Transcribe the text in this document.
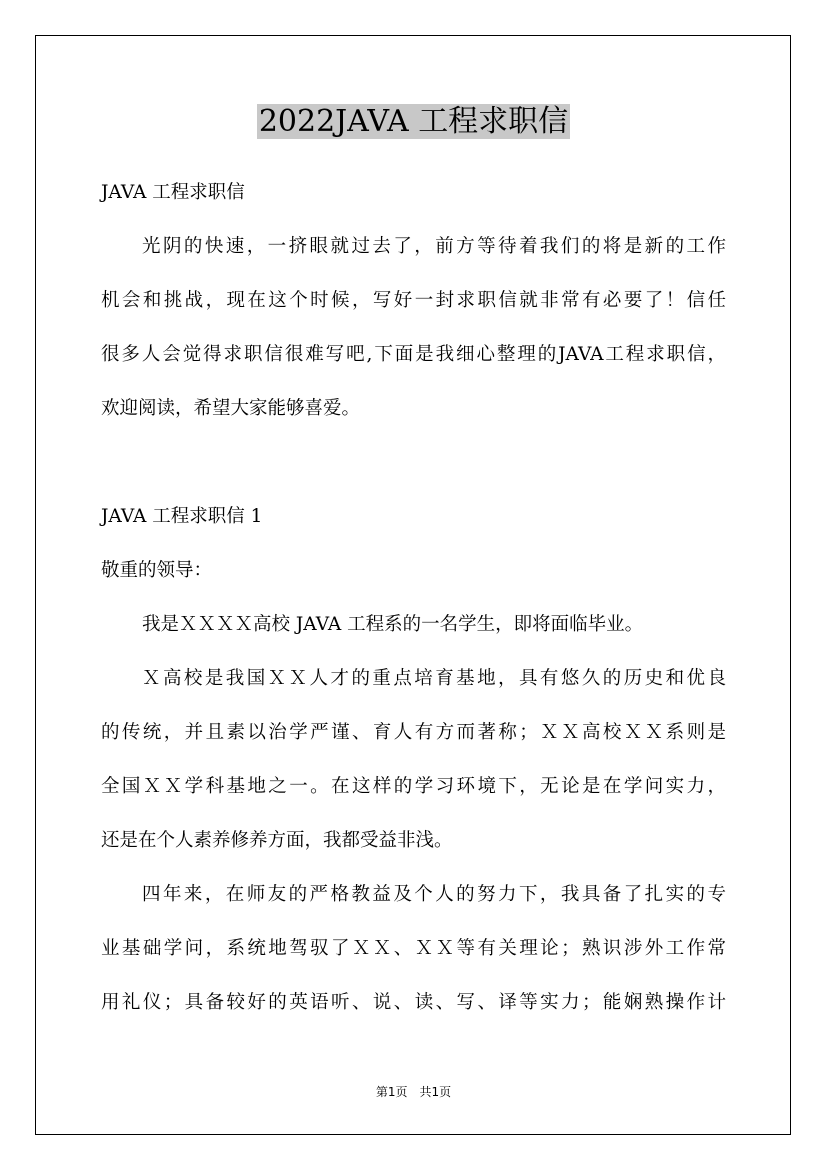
2022JAVA 工程求职信

JAVA 工程求职信

光阴的快速，一挤眼就过去了，前方等待着我们的将是新的工作

机会和挑战，现在这个时候，写好一封求职信就非常有必要了！信任

很多人会觉得求职信很难写吧,下面是我细心整理的JAVA工程求职信，

欢迎阅读，希望大家能够喜爱。

JAVA 工程求职信 1

敬重的领导：

我是ＸＸＸＸ高校 JAVA 工程系的一名学生，即将面临毕业。

Ｘ高校是我国ＸＸ人才的重点培育基地，具有悠久的历史和优良

的传统，并且素以治学严谨、育人有方而著称；ＸＸ高校ＸＸ系则是

全国ＸＸ学科基地之一。在这样的学习环境下，无论是在学问实力，

还是在个人素养修养方面，我都受益非浅。

四年来，在师友的严格教益及个人的努力下，我具备了扎实的专

业基础学问，系统地驾驭了ＸＸ、ＸＸ等有关理论；熟识涉外工作常

用礼仪；具备较好的英语听、说、读、写、译等实力；能娴熟操作计

第1页　共1页
